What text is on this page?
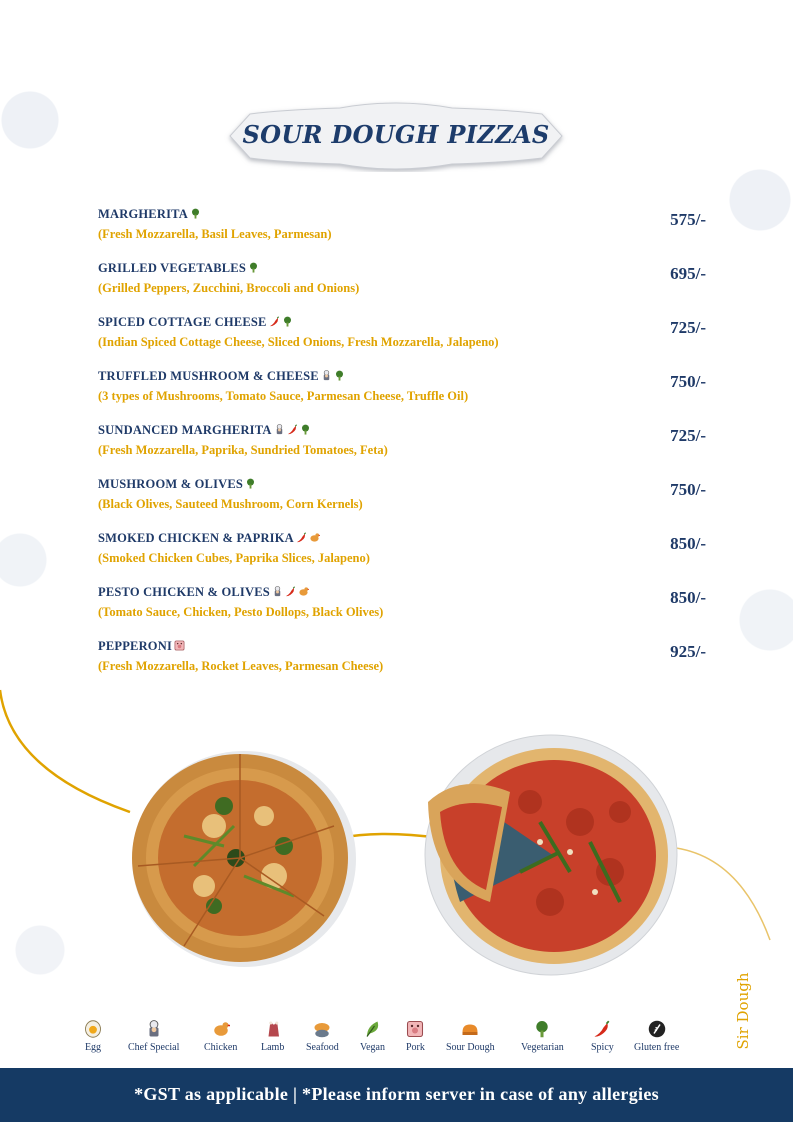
SOUR DOUGH PIZZAS
MARGHERITA
(Fresh Mozzarella, Basil Leaves, Parmesan)
575/-
GRILLED VEGETABLES
(Grilled Peppers, Zucchini, Broccoli and Onions)
695/-
SPICED COTTAGE CHEESE
(Indian Spiced Cottage Cheese, Sliced Onions, Fresh Mozzarella, Jalapeno)
725/-
TRUFFLED MUSHROOM & CHEESE
(3 types of Mushrooms, Tomato Sauce, Parmesan Cheese, Truffle Oil)
750/-
SUNDANCED MARGHERITA
(Fresh Mozzarella, Paprika, Sundried Tomatoes, Feta)
725/-
MUSHROOM & OLIVES
(Black Olives, Sauteed Mushroom, Corn Kernels)
750/-
SMOKED CHICKEN & PAPRIKA
(Smoked Chicken Cubes, Paprika Slices, Jalapeno)
850/-
PESTO CHICKEN & OLIVES
(Tomato Sauce, Chicken, Pesto Dollops, Black Olives)
850/-
PEPPERONI
(Fresh Mozzarella, Rocket Leaves, Parmesan Cheese)
925/-
Sir Dough
Egg	Chef Special Chicken Lamb Seafood Vegan Pork Sour Dough	Vegetarian	Spicy Gluten free
*GST as applicable | *Please inform server in case of any allergies
